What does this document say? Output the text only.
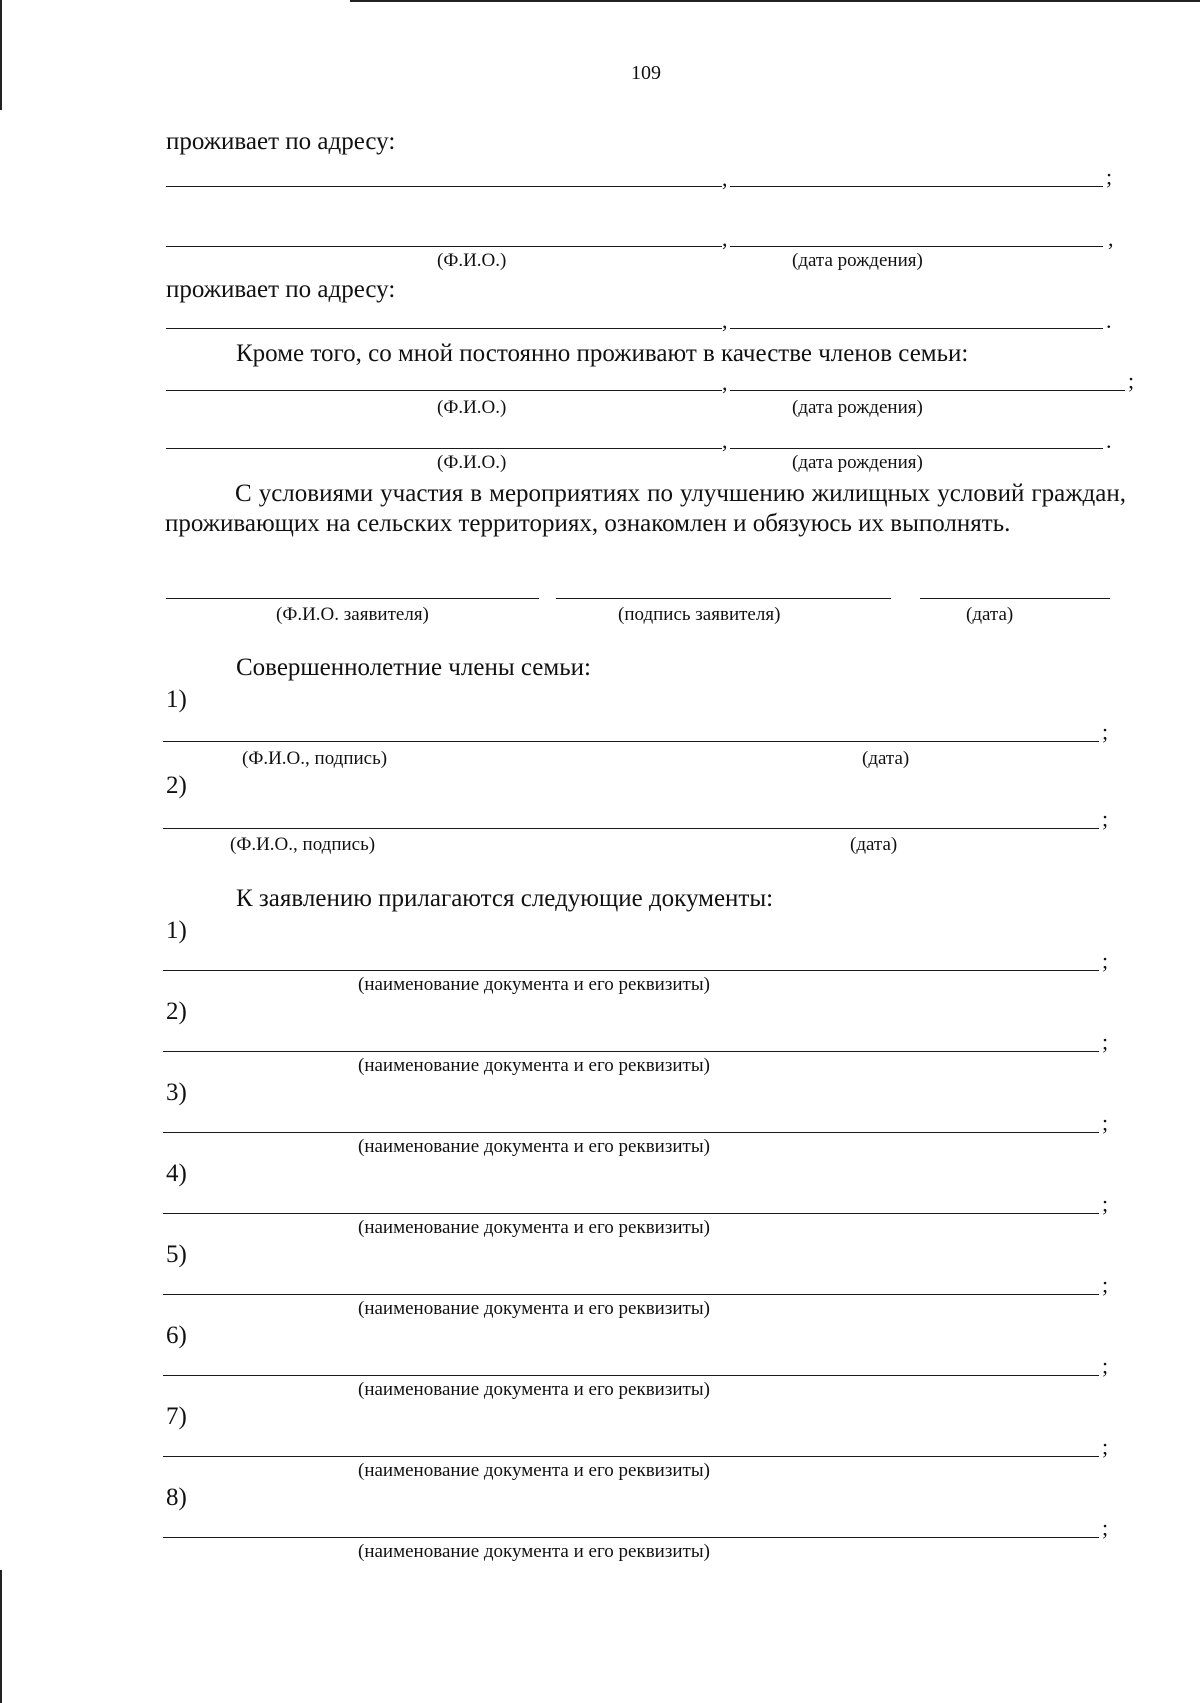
109
проживает по адресу:
,	;
,	,
(Ф.И.О.)	(дата рождения)
проживает по адресу:
,	.
Кроме того, со мной постоянно проживают в качестве членов семьи:
,	;
(Ф.И.О.)	(дата рождения)
,	.
(Ф.И.О.)	(дата рождения)
С условиями участия в мероприятиях по улучшению жилищных условий граждан, проживающих на сельских территориях, ознакомлен и обязуюсь их выполнять.
(Ф.И.О. заявителя)	(подпись заявителя)	(дата)
Совершеннолетние члены семьи:
1)
;
(Ф.И.О., подпись)	(дата)
2)
;
(Ф.И.О., подпись)	(дата)
К заявлению прилагаются следующие документы:
1)
;
(наименование документа и его реквизиты)
2)
;
(наименование документа и его реквизиты)
3)
;
(наименование документа и его реквизиты)
4)
;
(наименование документа и его реквизиты)
5)
;
(наименование документа и его реквизиты)
6)
;
(наименование документа и его реквизиты)
7)
;
(наименование документа и его реквизиты)
8)
;
(наименование документа и его реквизиты)
